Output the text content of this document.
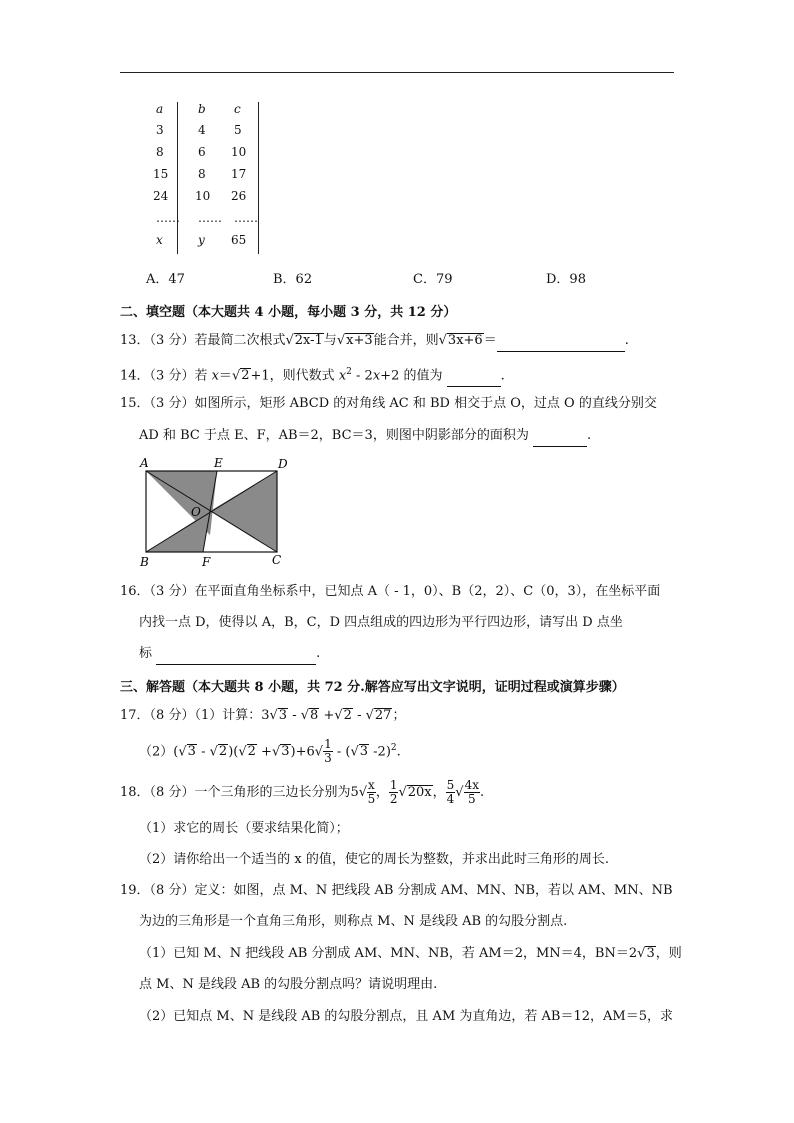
a	b c
3	4 5
8	6 10
15 8 17
24 10 26
…… …… ……
x	y 65
A．47	B．62	C．79	D．98
二、填空题（本大题共 4 小题，每小题 3 分，共 12 分）
13．（3 分）若最简二次根式√2x-1与√x+3能合并，则√3x+6＝	.
14．（3 分）若 x＝√2+1，则代数式 $x^2 - 2x+2$ 的值为	.
15．（3 分）如图所示，矩形 ABCD 的对角线 AC 和 BD 相交于点 O，过点 O 的直线分别交
AD 和 BC 于点 E、F，AB＝2，BC＝3，则图中阴影部分的面积为	.
A	E	D
O
B	F	C
16．（3 分）在平面直角坐标系中，已知点 A（ - 1，0）、B（2，2）、C（0，3），在坐标平面
内找一点 D，使得以 A，B，C，D 四点组成的四边形为平行四边形，请写出 D 点坐
标	.
三、解答题（本大题共 8 小题，共 72 分.解答应写出文字说明，证明过程或演算步骤）
17．（8 分）（1）计算：3√3 - √8 +√2 - √27；
$(2)(√3 - √2)(√2 +√3)+6√ \frac{1}{3} - (√3$ -2)$^2$.
18．（8 分）一个三角形的三边长分别为$5√ \frac{x}{5}$ ， $\frac{1}{2} √20x$， $\frac{5}{4}$ √ $\frac{4x}{5}$ .
（1）求它的周长（要求结果化简）；
（2）请你给出一个适当的 x 的值，使它的周长为整数，并求出此时三角形的周长.
19．（8 分）定义：如图，点 M、N 把线段 AB 分割成 AM、MN、NB，若以 AM、MN、NB
为边的三角形是一个直角三角形，则称点 M、N 是线段 AB 的勾股分割点.
（1）已知 M、N 把线段 AB 分割成 AM、MN、NB，若 AM＝2，MN＝4，BN＝2√3，则
点 M、N 是线段 AB 的勾股分割点吗？请说明理由.
（2）已知点 M、N 是线段 AB 的勾股分割点，且 AM 为直角边，若 AB＝12，AM＝5，求
